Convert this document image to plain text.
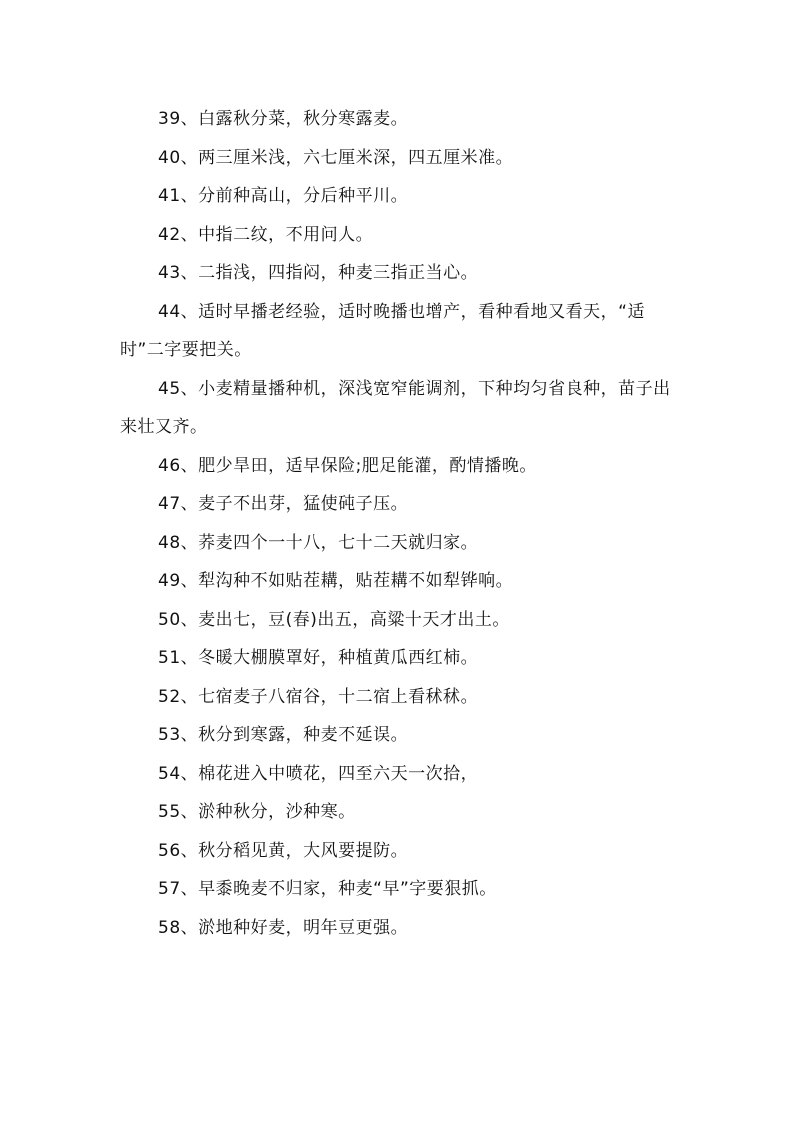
39、白露秋分菜，秋分寒露麦。

40、两三厘米浅，六七厘米深，四五厘米准。

41、分前种高山，分后种平川。

42、中指二纹，不用问人。

43、二指浅，四指闷，种麦三指正当心。

44、适时早播老经验，适时晚播也增产，看种看地又看天，“适时”二字要把关。

45、小麦精量播种机，深浅宽窄能调剂，下种均匀省良种，苗子出来壮又齐。

46、肥少旱田，适早保险;肥足能灌，酌情播晚。

47、麦子不出芽，猛使砘子压。

48、荞麦四个一十八，七十二天就归家。

49、犁沟种不如贴茬耩，贴茬耩不如犁铧响。

50、麦出七，豆(春)出五，高粱十天才出土。

51、冬暖大棚膜罩好，种植黄瓜西红柿。

52、七宿麦子八宿谷，十二宿上看秫秫。

53、秋分到寒露，种麦不延误。

54、棉花进入中喷花，四至六天一次拾，

55、淤种秋分，沙种寒。

56、秋分稻见黄，大风要提防。

57、早黍晚麦不归家，种麦“早”字要狠抓。

58、淤地种好麦，明年豆更强。
